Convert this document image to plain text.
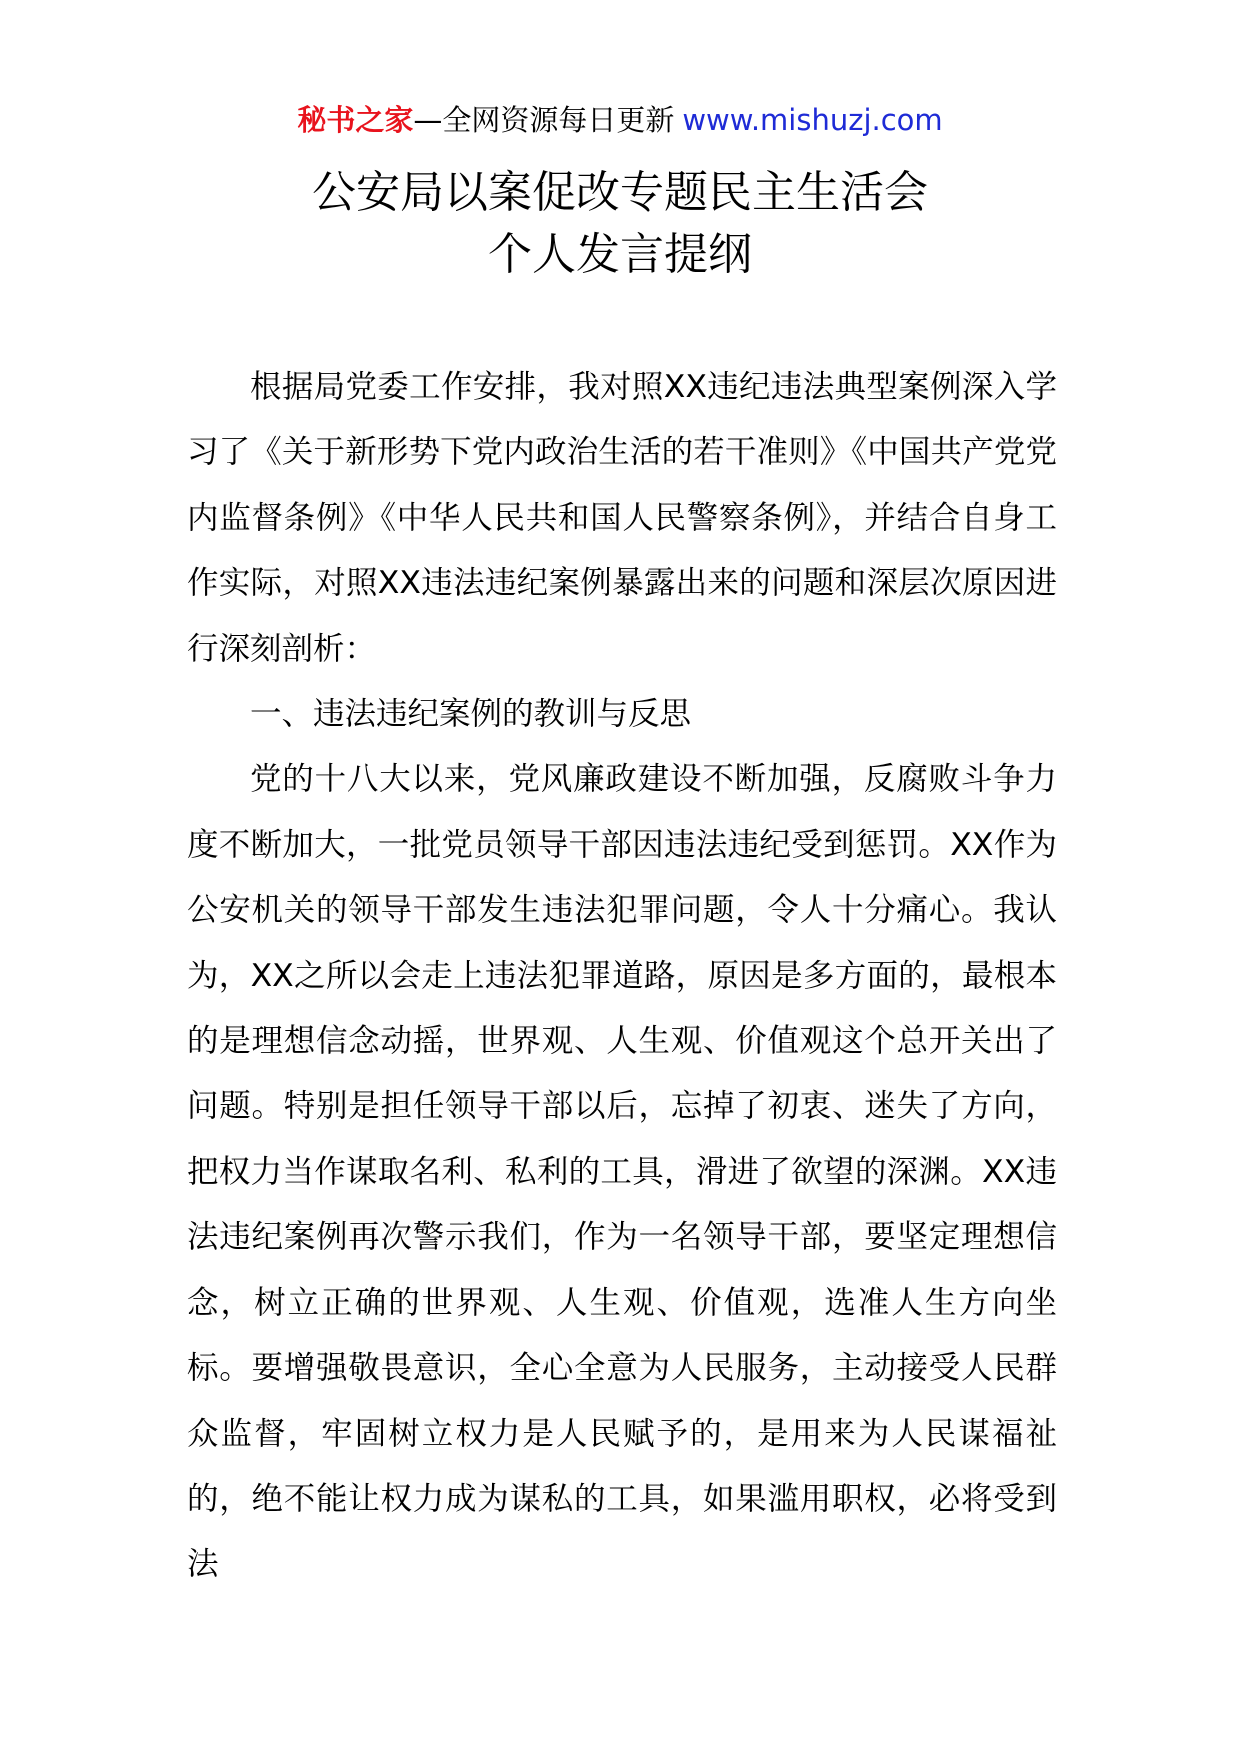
秘书之家—全网资源每日更新 www.mishuzj.com
公安局以案促改专题民主生活会
个人发言提纲

根据局党委工作安排，我对照XX违纪违法典型案例深入学习了《关于新形势下党内政治生活的若干准则》《中国共产党党内监督条例》《中华人民共和国人民警察条例》，并结合自身工作实际，对照XX违法违纪案例暴露出来的问题和深层次原因进行深刻剖析：

一、违法违纪案例的教训与反思

党的十八大以来，党风廉政建设不断加强，反腐败斗争力度不断加大，一批党员领导干部因违法违纪受到惩罚。XX作为公安机关的领导干部发生违法犯罪问题，令人十分痛心。我认为，XX之所以会走上违法犯罪道路，原因是多方面的，最根本的是理想信念动摇，世界观、人生观、价值观这个总开关出了问题。特别是担任领导干部以后，忘掉了初衷、迷失了方向，把权力当作谋取名利、私利的工具，滑进了欲望的深渊。XX违法违纪案例再次警示我们，作为一名领导干部，要坚定理想信念，树立正确的世界观、人生观、价值观，选准人生方向坐标。要增强敬畏意识，全心全意为人民服务，主动接受人民群众监督，牢固树立权力是人民赋予的，是用来为人民谋福祉的，绝不能让权力成为谋私的工具，如果滥用职权，必将受到法
